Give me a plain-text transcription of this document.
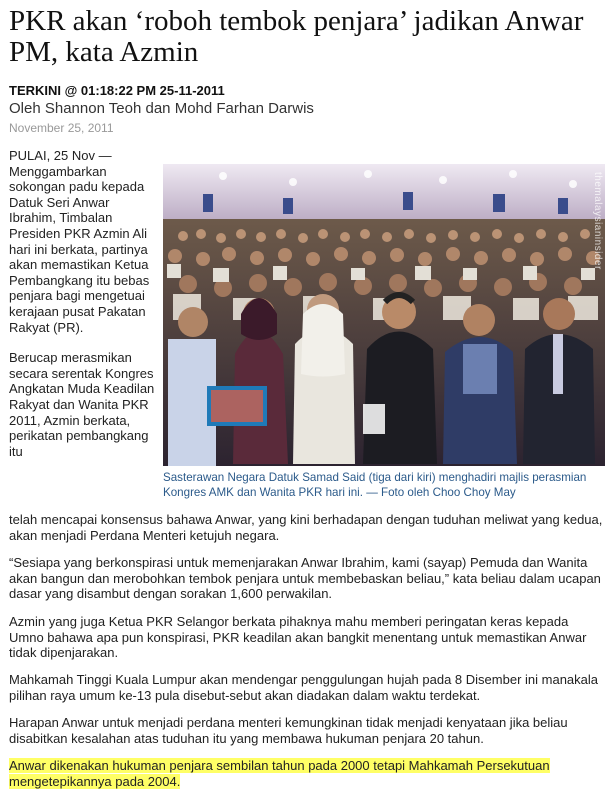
PKR akan ‘roboh tembok penjara’ jadikan Anwar PM, kata Azmin
TERKINI @ 01:18:22 PM 25-11-2011
Oleh Shannon Teoh dan Mohd Farhan Darwis
November 25, 2011

PULAI, 25 Nov — Menggambarkan sokongan padu kepada Datuk Seri Anwar Ibrahim, Timbalan Presiden PKR Azmin Ali hari ini berkata, partinya akan memastikan Ketua Pembangkang itu bebas penjara bagi mengetuai kerajaan pusat Pakatan Rakyat (PR).

Berucap merasmikan secara serentak Kongres Angkatan Muda Keadilan Rakyat dan Wanita PKR 2011, Azmin berkata, perikatan pembangkang itu

themalaysianinsider
Sasterawan Negara Datuk Samad Said (tiga dari kiri) menghadiri majlis perasmian Kongres AMK dan Wanita PKR hari ini. — Foto oleh Choo Choy May
telah mencapai konsensus bahawa Anwar, yang kini berhadapan dengan tuduhan meliwat yang kedua, akan menjadi Perdana Menteri ketujuh negara.
“Sesiapa yang berkonspirasi untuk memenjarakan Anwar Ibrahim, kami (sayap) Pemuda dan Wanita akan bangun dan merobohkan tembok penjara untuk membebaskan beliau,” kata beliau dalam ucapan dasar yang disambut dengan sorakan 1,600 perwakilan.
Azmin yang juga Ketua PKR Selangor berkata pihaknya mahu memberi peringatan keras kepada Umno bahawa apa pun konspirasi, PKR keadilan akan bangkit menentang untuk memastikan Anwar tidak dipenjarakan.
Mahkamah Tinggi Kuala Lumpur akan mendengar penggulungan hujah pada 8 Disember ini manakala pilihan raya umum ke-13 pula disebut-sebut akan diadakan dalam waktu terdekat.
Harapan Anwar untuk menjadi perdana menteri kemungkinan tidak menjadi kenyataan jika beliau disabitkan kesalahan atas tuduhan itu yang membawa hukuman penjara 20 tahun.
Anwar dikenakan hukuman penjara sembilan tahun pada 2000 tetapi Mahkamah Persekutuan
mengetepikannya pada 2004.
